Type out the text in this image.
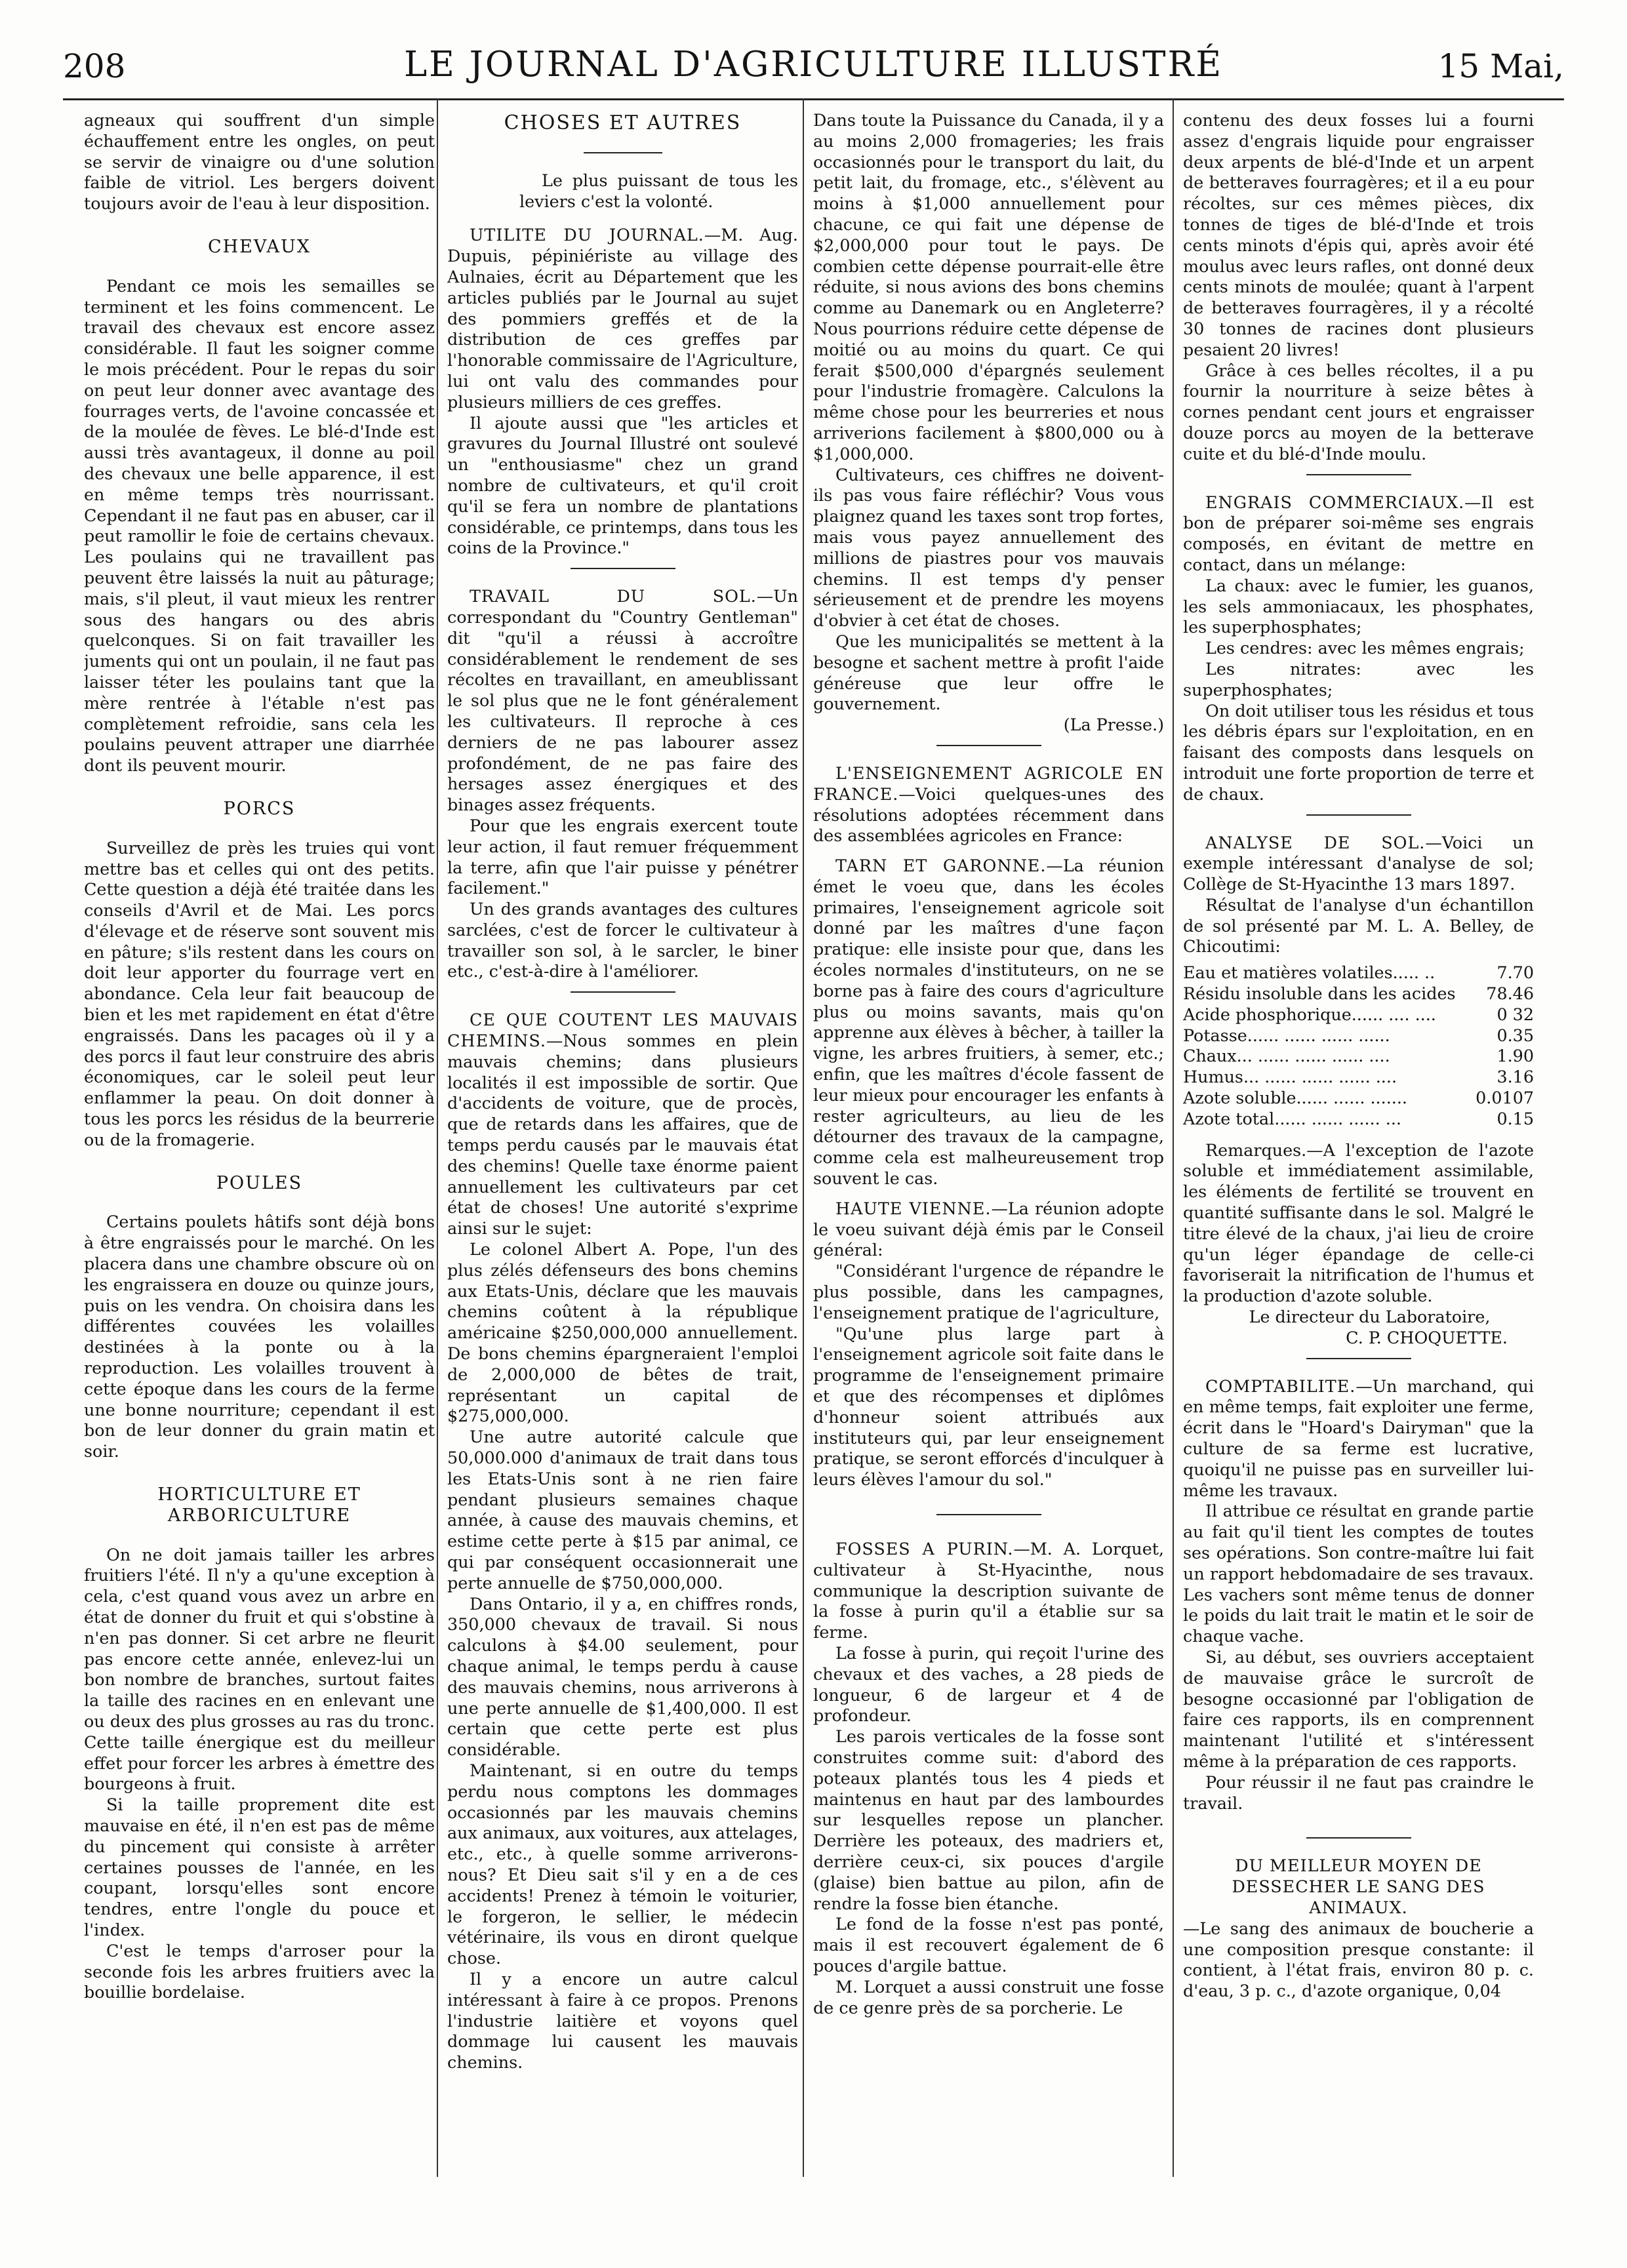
208	LE JOURNAL D'AGRICULTURE ILLUSTRÉ	15 Mai,

agneaux qui souffrent d'un simple échauffement entre les ongles, on peut se servir de vinaigre ou d'une solution faible de vitriol. Les bergers doivent toujours avoir de l'eau à leur disposition.

CHEVAUX

Pendant ce mois les semailles se terminent et les foins commencent. Le travail des chevaux est encore assez considérable. Il faut les soigner comme le mois précédent. Pour le repas du soir on peut leur donner avec avantage des fourrages verts, de l'avoine concassée et de la moulée de fèves. Le blé-d'Inde est aussi très avantageux, il donne au poil des chevaux une belle apparence, il est en même temps très nourrissant. Cependant il ne faut pas en abuser, car il peut ramollir le foie de certains chevaux. Les poulains qui ne travaillent pas peuvent être laissés la nuit au pâturage; mais, s'il pleut, il vaut mieux les rentrer sous des hangars ou des abris quelconques. Si on fait travailler les juments qui ont un poulain, il ne faut pas laisser téter les poulains tant que la mère rentrée à l'étable n'est pas complètement refroidie, sans cela les poulains peuvent attraper une diarrhée dont ils peuvent mourir.

PORCS

Surveillez de près les truies qui vont mettre bas et celles qui ont des petits. Cette question a déjà été traitée dans les conseils d'Avril et de Mai. Les porcs d'élevage et de réserve sont souvent mis en pâture; s'ils restent dans les cours on doit leur apporter du fourrage vert en abondance. Cela leur fait beaucoup de bien et les met rapidement en état d'être engraissés. Dans les pacages où il y a des porcs il faut leur construire des abris économiques, car le soleil peut leur enflammer la peau. On doit donner à tous les porcs les résidus de la beurrerie ou de la fromagerie.

POULES

Certains poulets hâtifs sont déjà bons à être engraissés pour le marché. On les placera dans une chambre obscure où on les engraissera en douze ou quinze jours, puis on les vendra. On choisira dans les différentes couvées les volailles destinées à la ponte ou à la reproduction. Les volailles trouvent à cette époque dans les cours de la ferme une bonne nourriture; cependant il est bon de leur donner du grain matin et soir.

HORTICULTURE ET ARBORICULTURE

On ne doit jamais tailler les arbres fruitiers l'été. Il n'y a qu'une exception à cela, c'est quand vous avez un arbre en état de donner du fruit et qui s'obstine à n'en pas donner. Si cet arbre ne fleurit pas encore cette année, enlevez-lui un bon nombre de branches, surtout faites la taille des racines en en enlevant une ou deux des plus grosses au ras du tronc. Cette taille énergique est du meilleur effet pour forcer les arbres à émettre des bourgeons à fruit.

Si la taille proprement dite est mauvaise en été, il n'en est pas de même du pincement qui consiste à arrêter certaines pousses de l'année, en les coupant, lorsqu'elles sont encore tendres, entre l'ongle du pouce et l'index.

C'est le temps d'arroser pour la seconde fois les arbres fruitiers avec la bouillie bordelaise.

CHOSES ET AUTRES

Le plus puissant de tous les leviers c'est la volonté.

UTILITE DU JOURNAL.—M. Aug. Dupuis, pépiniériste au village des Aulnaies, écrit au Département que les articles publiés par le Journal au sujet des pommiers greffés et de la distribution de ces greffes par l'honorable commissaire de l'Agriculture, lui ont valu des commandes pour plusieurs milliers de ces greffes.

Il ajoute aussi que "les articles et gravures du Journal Illustré ont soulevé un "enthousiasme" chez un grand nombre de cultivateurs, et qu'il croit qu'il se fera un nombre de plantations considérable, ce printemps, dans tous les coins de la Province."

TRAVAIL DU SOL.—Un correspondant du "Country Gentleman" dit "qu'il a réussi à accroître considérablement le rendement de ses récoltes en travaillant, en ameublissant le sol plus que ne le font généralement les cultivateurs. Il reproche à ces derniers de ne pas labourer assez profondément, de ne pas faire des hersages assez énergiques et des binages assez fréquents.

Pour que les engrais exercent toute leur action, il faut remuer fréquemment la terre, afin que l'air puisse y pénétrer facilement."

Un des grands avantages des cultures sarclées, c'est de forcer le cultivateur à travailler son sol, à le sarcler, le biner etc., c'est-à-dire à l'améliorer.

CE QUE COUTENT LES MAUVAIS CHEMINS.—Nous sommes en plein mauvais chemins; dans plusieurs localités il est impossible de sortir. Que d'accidents de voiture, que de procès, que de retards dans les affaires, que de temps perdu causés par le mauvais état des chemins! Quelle taxe énorme paient annuellement les cultivateurs par cet état de choses! Une autorité s'exprime ainsi sur le sujet:

Le colonel Albert A. Pope, l'un des plus zélés défenseurs des bons chemins aux Etats-Unis, déclare que les mauvais chemins coûtent à la république américaine $250,000,000 annuellement. De bons chemins épargneraient l'emploi de 2,000,000 de bêtes de trait, représentant un capital de $275,000,000.

Une autre autorité calcule que 50,000.000 d'animaux de trait dans tous les Etats-Unis sont à ne rien faire pendant plusieurs semaines chaque année, à cause des mauvais chemins, et estime cette perte à $15 par animal, ce qui par conséquent occasionnerait une perte annuelle de $750,000,000.

Dans Ontario, il y a, en chiffres ronds, 350,000 chevaux de travail. Si nous calculons à $4.00 seulement, pour chaque animal, le temps perdu à cause des mauvais chemins, nous arriverons à une perte annuelle de $1,400,000. Il est certain que cette perte est plus considérable.

Maintenant, si en outre du temps perdu nous comptons les dommages occasionnés par les mauvais chemins aux animaux, aux voitures, aux attelages, etc., etc., à quelle somme arriverons-nous? Et Dieu sait s'il y en a de ces accidents! Prenez à témoin le voiturier, le forgeron, le sellier, le médecin vétérinaire, ils vous en diront quelque chose.

Il y a encore un autre calcul intéressant à faire à ce propos. Prenons l'industrie laitière et voyons quel dommage lui causent les mauvais chemins.

Dans toute la Puissance du Canada, il y a au moins 2,000 fromageries; les frais occasionnés pour le transport du lait, du petit lait, du fromage, etc., s'élèvent au moins à $1,000 annuellement pour chacune, ce qui fait une dépense de $2,000,000 pour tout le pays. De combien cette dépense pourrait-elle être réduite, si nous avions des bons chemins comme au Danemark ou en Angleterre? Nous pourrions réduire cette dépense de moitié ou au moins du quart. Ce qui ferait $500,000 d'épargnés seulement pour l'industrie fromagère. Calculons la même chose pour les beurreries et nous arriverions facilement à $800,000 ou à $1,000,000.

Cultivateurs, ces chiffres ne doivent-ils pas vous faire réfléchir? Vous vous plaignez quand les taxes sont trop fortes, mais vous payez annuellement des millions de piastres pour vos mauvais chemins. Il est temps d'y penser sérieusement et de prendre les moyens d'obvier à cet état de choses.

Que les municipalités se mettent à la besogne et sachent mettre à profit l'aide généreuse que leur offre le gouvernement.

(La Presse.)

L'ENSEIGNEMENT AGRICOLE EN FRANCE.—Voici quelques-unes des résolutions adoptées récemment dans des assemblées agricoles en France:

TARN ET GARONNE.—La réunion émet le voeu que, dans les écoles primaires, l'enseignement agricole soit donné par les maîtres d'une façon pratique: elle insiste pour que, dans les écoles normales d'instituteurs, on ne se borne pas à faire des cours d'agriculture plus ou moins savants, mais qu'on apprenne aux élèves à bêcher, à tailler la vigne, les arbres fruitiers, à semer, etc.; enfin, que les maîtres d'école fassent de leur mieux pour encourager les enfants à rester agriculteurs, au lieu de les détourner des travaux de la campagne, comme cela est malheureusement trop souvent le cas.

HAUTE VIENNE.—La réunion adopte le voeu suivant déjà émis par le Conseil général:

"Considérant l'urgence de répandre le plus possible, dans les campagnes, l'enseignement pratique de l'agriculture,

"Qu'une plus large part à l'enseignement agricole soit faite dans le programme de l'enseignement primaire et que des récompenses et diplômes d'honneur soient attribués aux instituteurs qui, par leur enseignement pratique, se seront efforcés d'inculquer à leurs élèves l'amour du sol."

FOSSES A PURIN.—M. A. Lorquet, cultivateur à St-Hyacinthe, nous communique la description suivante de la fosse à purin qu'il a établie sur sa ferme.

La fosse à purin, qui reçoit l'urine des chevaux et des vaches, a 28 pieds de longueur, 6 de largeur et 4 de profondeur.

Les parois verticales de la fosse sont construites comme suit: d'abord des poteaux plantés tous les 4 pieds et maintenus en haut par des lambourdes sur lesquelles repose un plancher. Derrière les poteaux, des madriers et, derrière ceux-ci, six pouces d'argile (glaise) bien battue au pilon, afin de rendre la fosse bien étanche.

Le fond de la fosse n'est pas ponté, mais il est recouvert également de 6 pouces d'argile battue.

M. Lorquet a aussi construit une fosse de ce genre près de sa porcherie. Le

contenu des deux fosses lui a fourni assez d'engrais liquide pour engraisser deux arpents de blé-d'Inde et un arpent de betteraves fourragères; et il a eu pour récoltes, sur ces mêmes pièces, dix tonnes de tiges de blé-d'Inde et trois cents minots d'épis qui, après avoir été moulus avec leurs rafles, ont donné deux cents minots de moulée; quant à l'arpent de betteraves fourragères, il y a récolté 30 tonnes de racines dont plusieurs pesaient 20 livres!

Grâce à ces belles récoltes, il a pu fournir la nourriture à seize bêtes à cornes pendant cent jours et engraisser douze porcs au moyen de la betterave cuite et du blé-d'Inde moulu.

ENGRAIS COMMERCIAUX.—Il est bon de préparer soi-même ses engrais composés, en évitant de mettre en contact, dans un mélange:

La chaux: avec le fumier, les guanos, les sels ammoniacaux, les phosphates, les superphosphates;

Les cendres: avec les mêmes engrais;

Les nitrates: avec les superphosphates;

On doit utiliser tous les résidus et tous les débris épars sur l'exploitation, en en faisant des composts dans lesquels on introduit une forte proportion de terre et de chaux.

ANALYSE DE SOL.—Voici un exemple intéressant d'analyse de sol; Collège de St-Hyacinthe 13 mars 1897.

Résultat de l'analyse d'un échantillon de sol présenté par M. L. A. Belley, de Chicoutimi:

Eau et matières volatiles..... ..	7.70
Résidu insoluble dans les acides	78.46
Acide phosphorique...... .... ....	0 32
Potasse...... ...... ...... ......	0.35
Chaux... ...... ...... ...... ....	1.90
Humus... ...... ...... ...... ....	3.16
Azote soluble...... ...... .......	0.0107
Azote total...... ...... ...... ...	0.15

Remarques.—A l'exception de l'azote soluble et immédiatement assimilable, les éléments de fertilité se trouvent en quantité suffisante dans le sol. Malgré le titre élevé de la chaux, j'ai lieu de croire qu'un léger épandage de celle-ci favoriserait la nitrification de l'humus et la production d'azote soluble.

Le directeur du Laboratoire,

C. P. CHOQUETTE.

COMPTABILITE.—Un marchand, qui en même temps, fait exploiter une ferme, écrit dans le "Hoard's Dairyman" que la culture de sa ferme est lucrative, quoiqu'il ne puisse pas en surveiller lui-même les travaux.

Il attribue ce résultat en grande partie au fait qu'il tient les comptes de toutes ses opérations. Son contre-maître lui fait un rapport hebdomadaire de ses travaux. Les vachers sont même tenus de donner le poids du lait trait le matin et le soir de chaque vache.

Si, au début, ses ouvriers acceptaient de mauvaise grâce le surcroît de besogne occasionné par l'obligation de faire ces rapports, ils en comprennent maintenant l'utilité et s'intéressent même à la préparation de ces rapports.

Pour réussir il ne faut pas craindre le travail.

DU MEILLEUR MOYEN DE DESSECHER LE SANG DES ANIMAUX.
—Le sang des animaux de boucherie a une composition presque constante: il contient, à l'état frais, environ 80 p. c. d'eau, 3 p. c., d'azote organique, 0,04
